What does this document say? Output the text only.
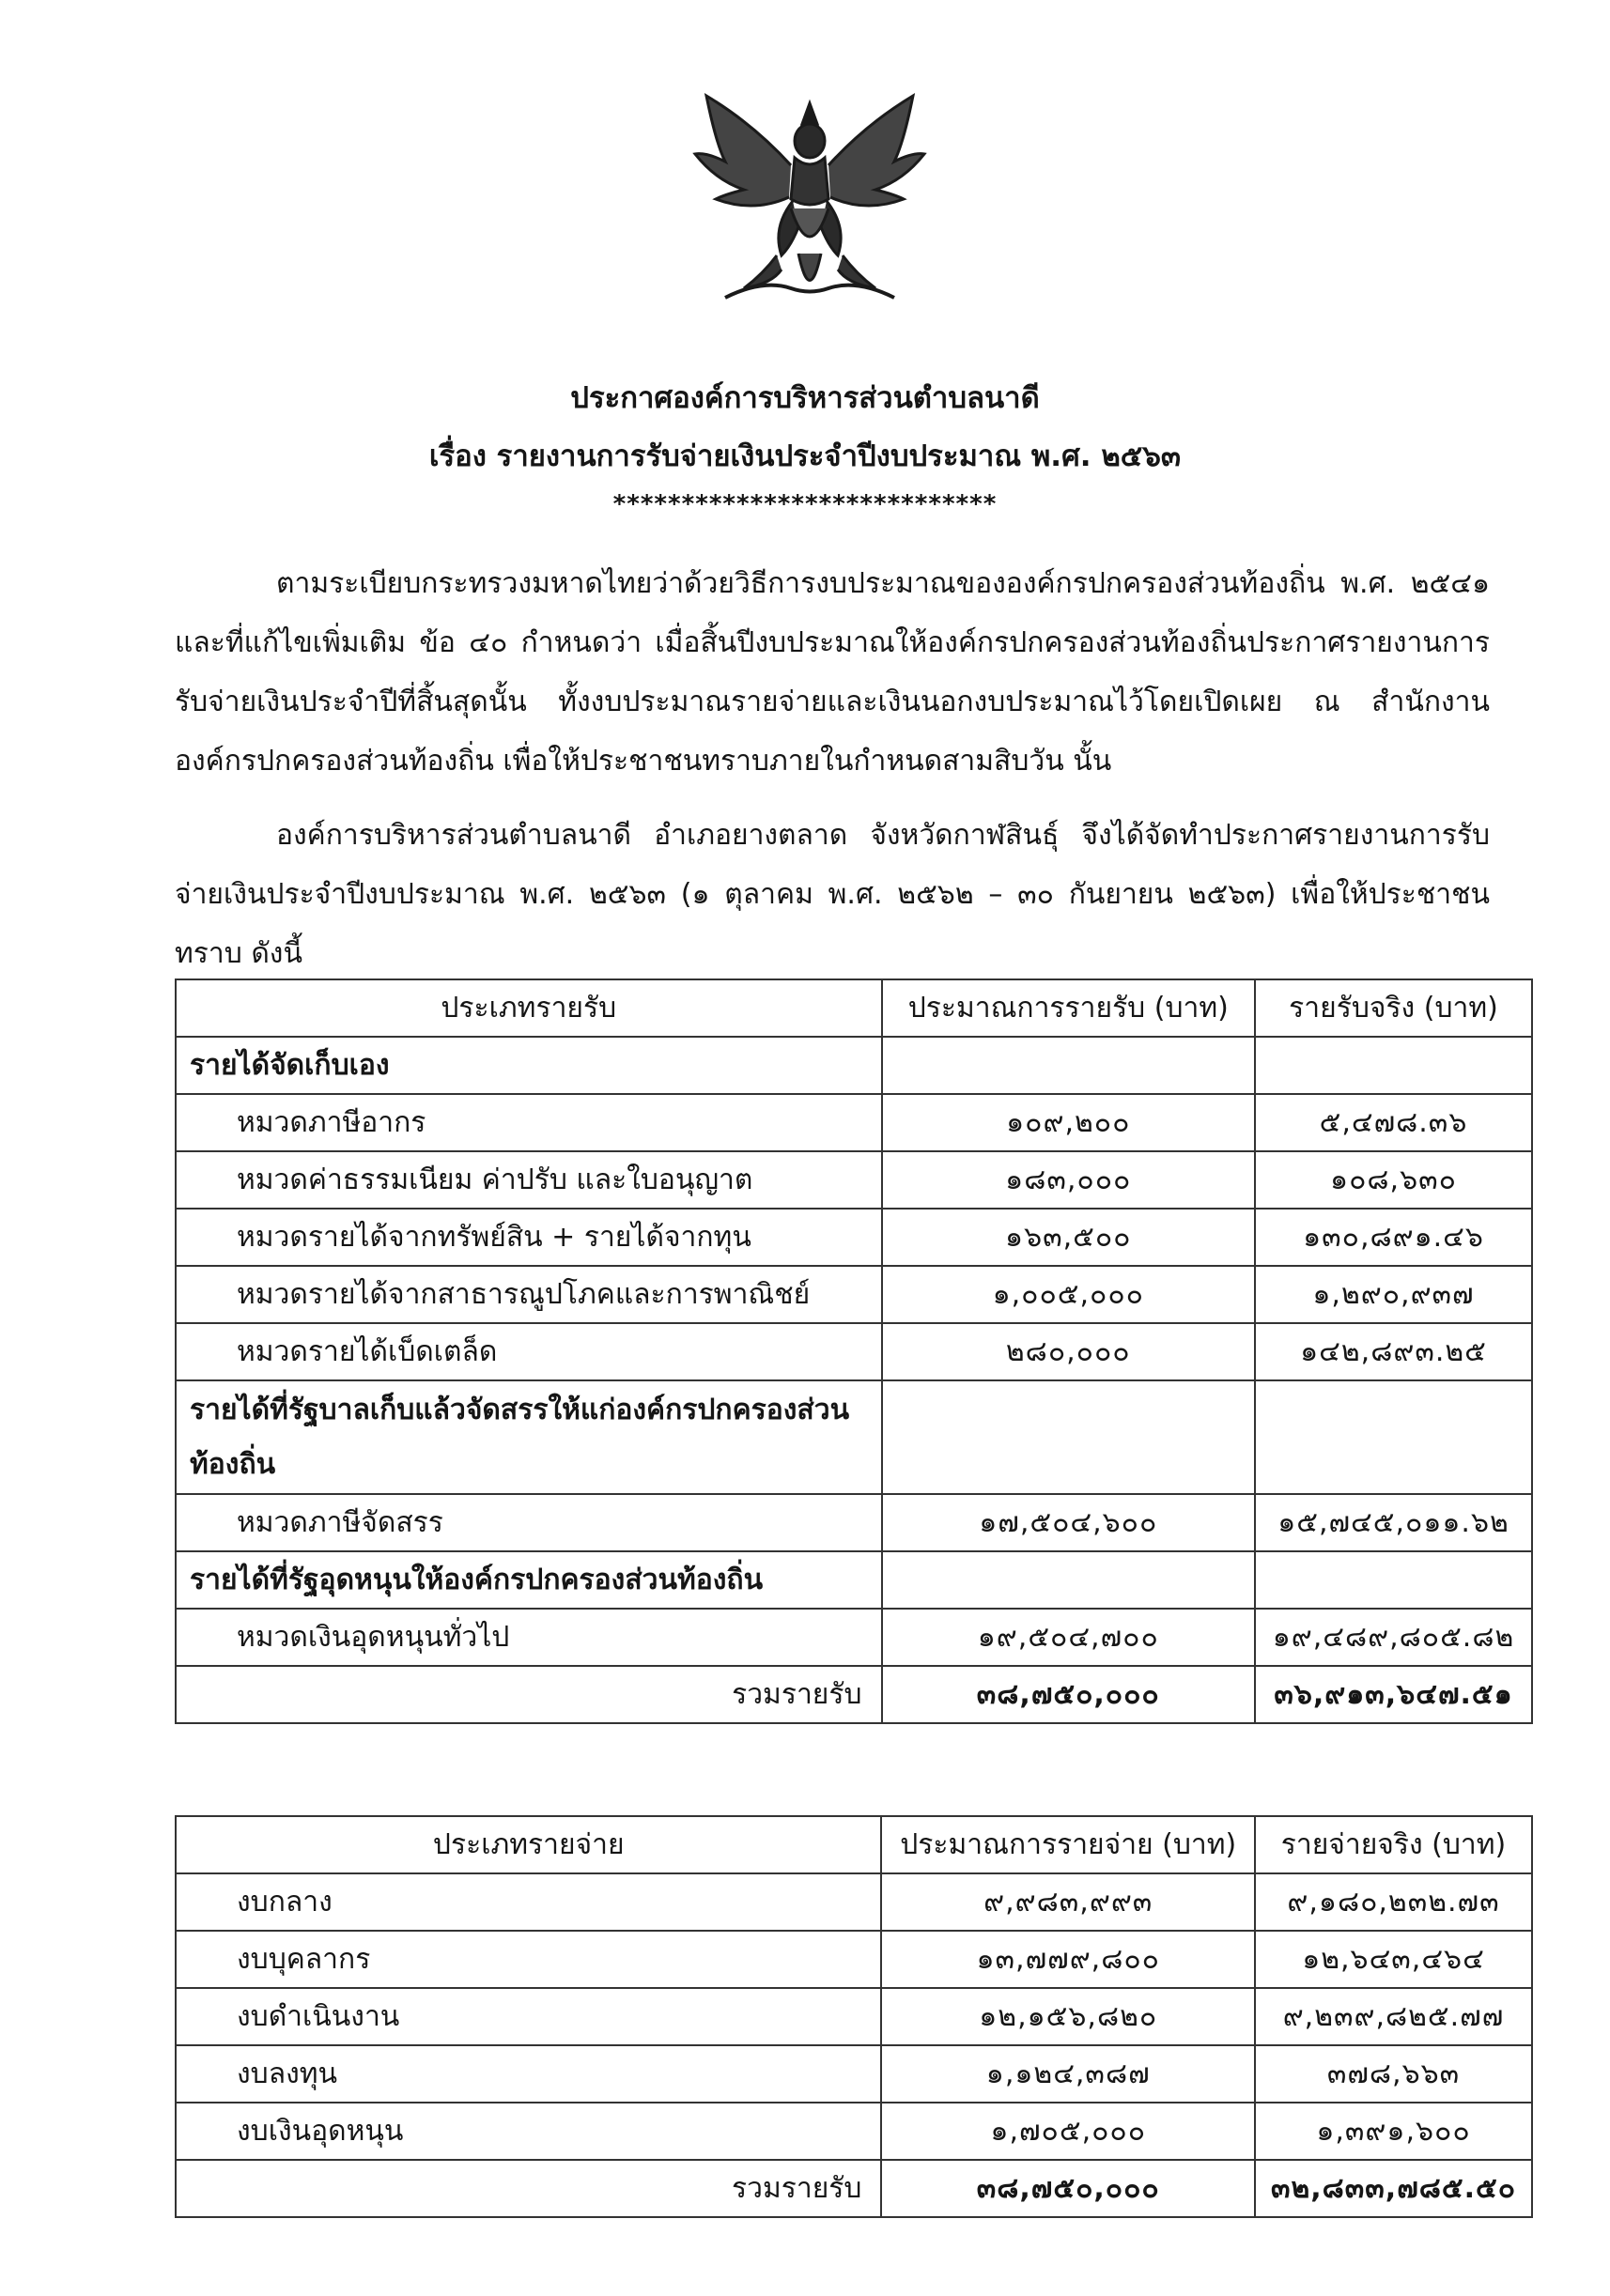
ประกาศองค์การบริหารส่วนตำบลนาดี
เรื่อง รายงานการรับจ่ายเงินประจำปีงบประมาณ พ.ศ. ๒๕๖๓
****************************

ตามระเบียบกระทรวงมหาดไทยว่าด้วยวิธีการงบประมาณขององค์กรปกครองส่วนท้องถิ่น พ.ศ. ๒๕๔๑ และที่แก้ไขเพิ่มเติม ข้อ ๔๐ กำหนดว่า เมื่อสิ้นปีงบประมาณให้องค์กรปกครองส่วนท้องถิ่นประกาศรายงานการรับจ่ายเงินประจำปีที่สิ้นสุดนั้น ทั้งงบประมาณรายจ่ายและเงินนอกงบประมาณไว้โดยเปิดเผย ณ สำนักงานองค์กรปกครองส่วนท้องถิ่น เพื่อให้ประชาชนทราบภายในกำหนดสามสิบวัน นั้น

องค์การบริหารส่วนตำบลนาดี อำเภอยางตลาด จังหวัดกาฬสินธุ์ จึงได้จัดทำประกาศรายงานการรับจ่ายเงินประจำปีงบประมาณ พ.ศ. ๒๕๖๓ (๑ ตุลาคม พ.ศ. ๒๕๖๒ – ๓๐ กันยายน ๒๕๖๓) เพื่อให้ประชาชนทราบ ดังนี้

ประเภทรายรับ	ประมาณการรายรับ (บาท)	รายรับจริง (บาท)
รายได้จัดเก็บเอง		
หมวดภาษีอากร	๑๐๙,๒๐๐	๕,๔๗๘.๓๖
หมวดค่าธรรมเนียม ค่าปรับ และใบอนุญาต	๑๘๓,๐๐๐	๑๐๘,๖๓๐
หมวดรายได้จากทรัพย์สิน + รายได้จากทุน	๑๖๓,๕๐๐	๑๓๐,๘๙๑.๔๖
หมวดรายได้จากสาธารณูปโภคและการพาณิชย์	๑,๐๐๕,๐๐๐	๑,๒๙๐,๙๓๗
หมวดรายได้เบ็ดเตล็ด	๒๘๐,๐๐๐	๑๔๒,๘๙๓.๒๕
รายได้ที่รัฐบาลเก็บแล้วจัดสรรให้แก่องค์กรปกครองส่วนท้องถิ่น		
หมวดภาษีจัดสรร	๑๗,๕๐๔,๖๐๐	๑๕,๗๔๕,๐๑๑.๖๒
รายได้ที่รัฐอุดหนุนให้องค์กรปกครองส่วนท้องถิ่น		
หมวดเงินอุดหนุนทั่วไป	๑๙,๕๐๔,๗๐๐	๑๙,๔๘๙,๘๐๕.๘๒
รวมรายรับ	๓๘,๗๕๐,๐๐๐	๓๖,๙๑๓,๖๔๗.๕๑
ประเภทรายจ่าย	ประมาณการรายจ่าย (บาท)	รายจ่ายจริง (บาท)
งบกลาง	๙,๙๘๓,๙๙๓	๙,๑๘๐,๒๓๒.๗๓
งบบุคลากร	๑๓,๗๗๙,๘๐๐	๑๒,๖๔๓,๔๖๔
งบดำเนินงาน	๑๒,๑๕๖,๘๒๐	๙,๒๓๙,๘๒๕.๗๗
งบลงทุน	๑,๑๒๔,๓๘๗	๓๗๘,๖๖๓
งบเงินอุดหนุน	๑,๗๐๕,๐๐๐	๑,๓๙๑,๖๐๐
รวมรายรับ	๓๘,๗๕๐,๐๐๐	๓๒,๘๓๓,๗๘๕.๕๐
